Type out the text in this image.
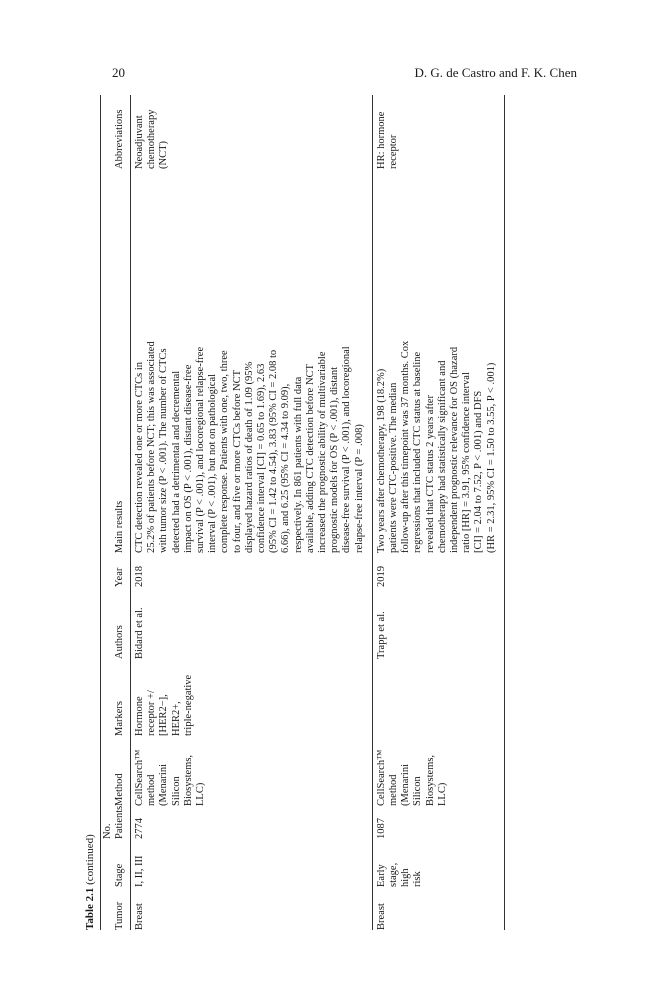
20	D. G. de Castro and F. K. Chen
Table 2.1 (continued)
Tumor
Stage
No. Patients
Method
Markers
Authors
Year
Main results
Abbreviations
Breast
I, II, III
2774
CellSearch™ method (Menarini Silicon Biosystems, LLC)
Hormone receptor +/ [HER2−], HER2+, triple-negative
Bidard et al.
2018
CTC detection revealed one or more CTCs in 25.2% of patients before NCT; this was associated with tumor size (P < .001). The number of CTCs detected had a detrimental and decremental impact on OS (P < .001), distant disease-free survival (P < .001), and locoregional relapse-free interval (P < .001), but not on pathological complete response. Patients with one, two, three to four, and five or more CTCs before NCT displayed hazard ratios of death of 1.09 (95% confidence interval [CI] = 0.65 to 1.69), 2.63 (95% CI = 1.42 to 4.54), 3.83 (95% CI = 2.08 to 6.66), and 6.25 (95% CI = 4.34 to 9.09), respectively. In 861 patients with full data available, adding CTC detection before NCT increased the prognostic ability of multivariable prognostic models for OS (P < .001), distant disease-free survival (P < .001), and locoregional relapse-free interval (P = .008)
Neoadjuvant chemotherapy (NCT)
Breast
Early stage, high risk
1087
CellSearch™ method (Menarini Silicon Biosystems, LLC)
Trapp et al.
2019
Two years after chemotherapy, 198 (18.2%) patients were CTC-positive. The median follow-up after this timepoint was 37 months. Cox regressions that included CTC status at baseline revealed that CTC status 2 years after chemotherapy had statistically significant and independent prognostic relevance for OS (hazard ratio [HR] = 3.91, 95% confidence interval [CI] = 2.04 to 7.52, P < .001) and DFS (HR = 2.31, 95% CI = 1.50 to 3.55, P < .001)
HR: hormone receptor
